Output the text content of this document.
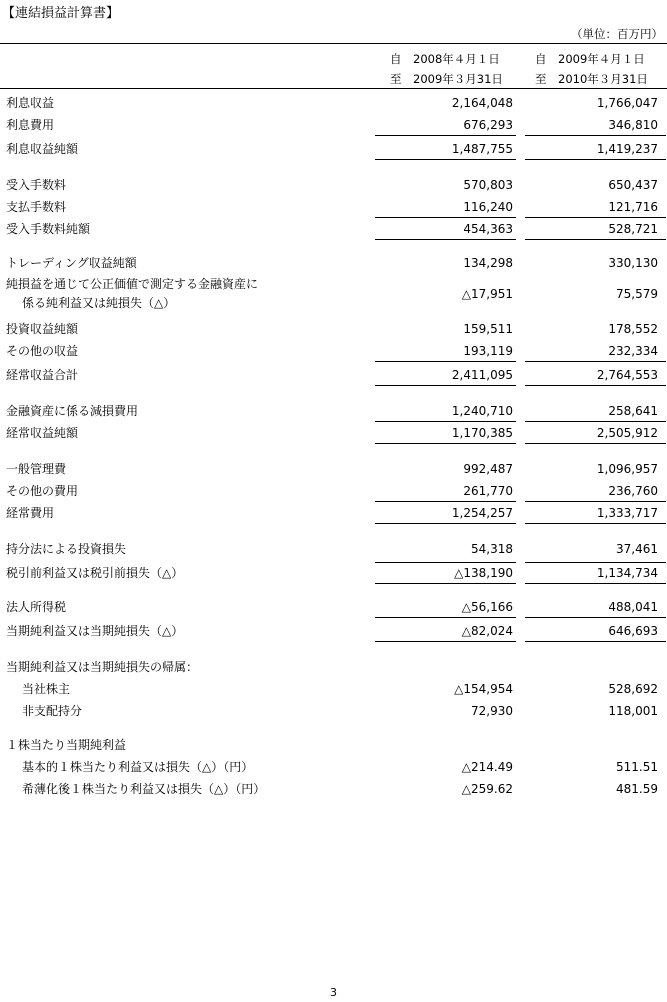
【連結損益計算書】
（単位：百万円）
自　2008年４月１日
至　2009年３月31日
自　2009年４月１日
至　2010年３月31日
利息収益	2,164,048	1,766,047
利息費用	676,293	346,810
利息収益純額	1,487,755	1,419,237
受入手数料	570,803	650,437
支払手数料	116,240	121,716
受入手数料純額	454,363	528,721
トレーディング収益純額	134,298	330,130
純損益を通じて公正価値で測定する金融資産に
係る純利益又は純損失（△）
△17,951	75,579
投資収益純額	159,511	178,552
その他の収益	193,119	232,334
経常収益合計	2,411,095	2,764,553
金融資産に係る減損費用	1,240,710	258,641
経常収益純額	1,170,385	2,505,912
一般管理費	992,487	1,096,957
その他の費用	261,770	236,760
経常費用	1,254,257	1,333,717
持分法による投資損失	54,318	37,461
税引前利益又は税引前損失（△）	△138,190	1,134,734
法人所得税	△56,166	488,041
当期純利益又は当期純損失（△）	△82,024	646,693
当期純利益又は当期純損失の帰属：
当社株主	△154,954	528,692
非支配持分	72,930	118,001
１株当たり当期純利益
基本的１株当たり利益又は損失（△）（円）	△214.49	511.51
希薄化後１株当たり利益又は損失（△）（円）	△259.62	481.59
3
